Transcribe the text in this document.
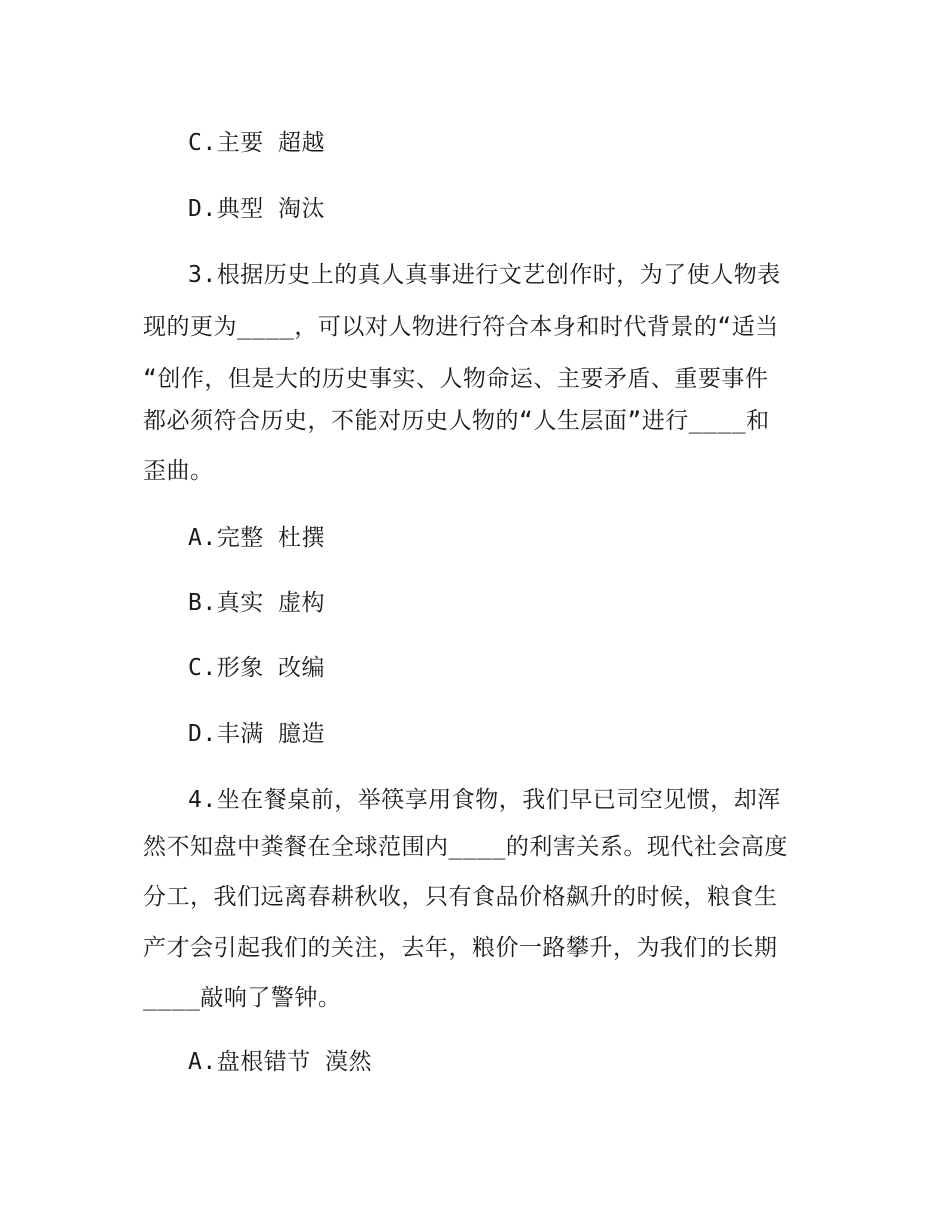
C.主要 超越
D.典型 淘汰
3.根据历史上的真人真事进行文艺创作时，为了使人物表
现的更为____，可以对人物进行符合本身和时代背景的“适当
“创作，但是大的历史事实、人物命运、主要矛盾、重要事件
都必须符合历史，不能对历史人物的“人生层面”进行____和
歪曲。
A.完整 杜撰
B.真实 虚构
C.形象 改编
D.丰满 臆造
4.坐在餐桌前，举筷享用食物，我们早已司空见惯，却浑
然不知盘中粪餐在全球范围内____的利害关系。现代社会高度
分工，我们远离春耕秋收，只有食品价格飙升的时候，粮食生
产才会引起我们的关注，去年，粮价一路攀升，为我们的长期
____敲响了警钟。
A.盘根错节 漠然
